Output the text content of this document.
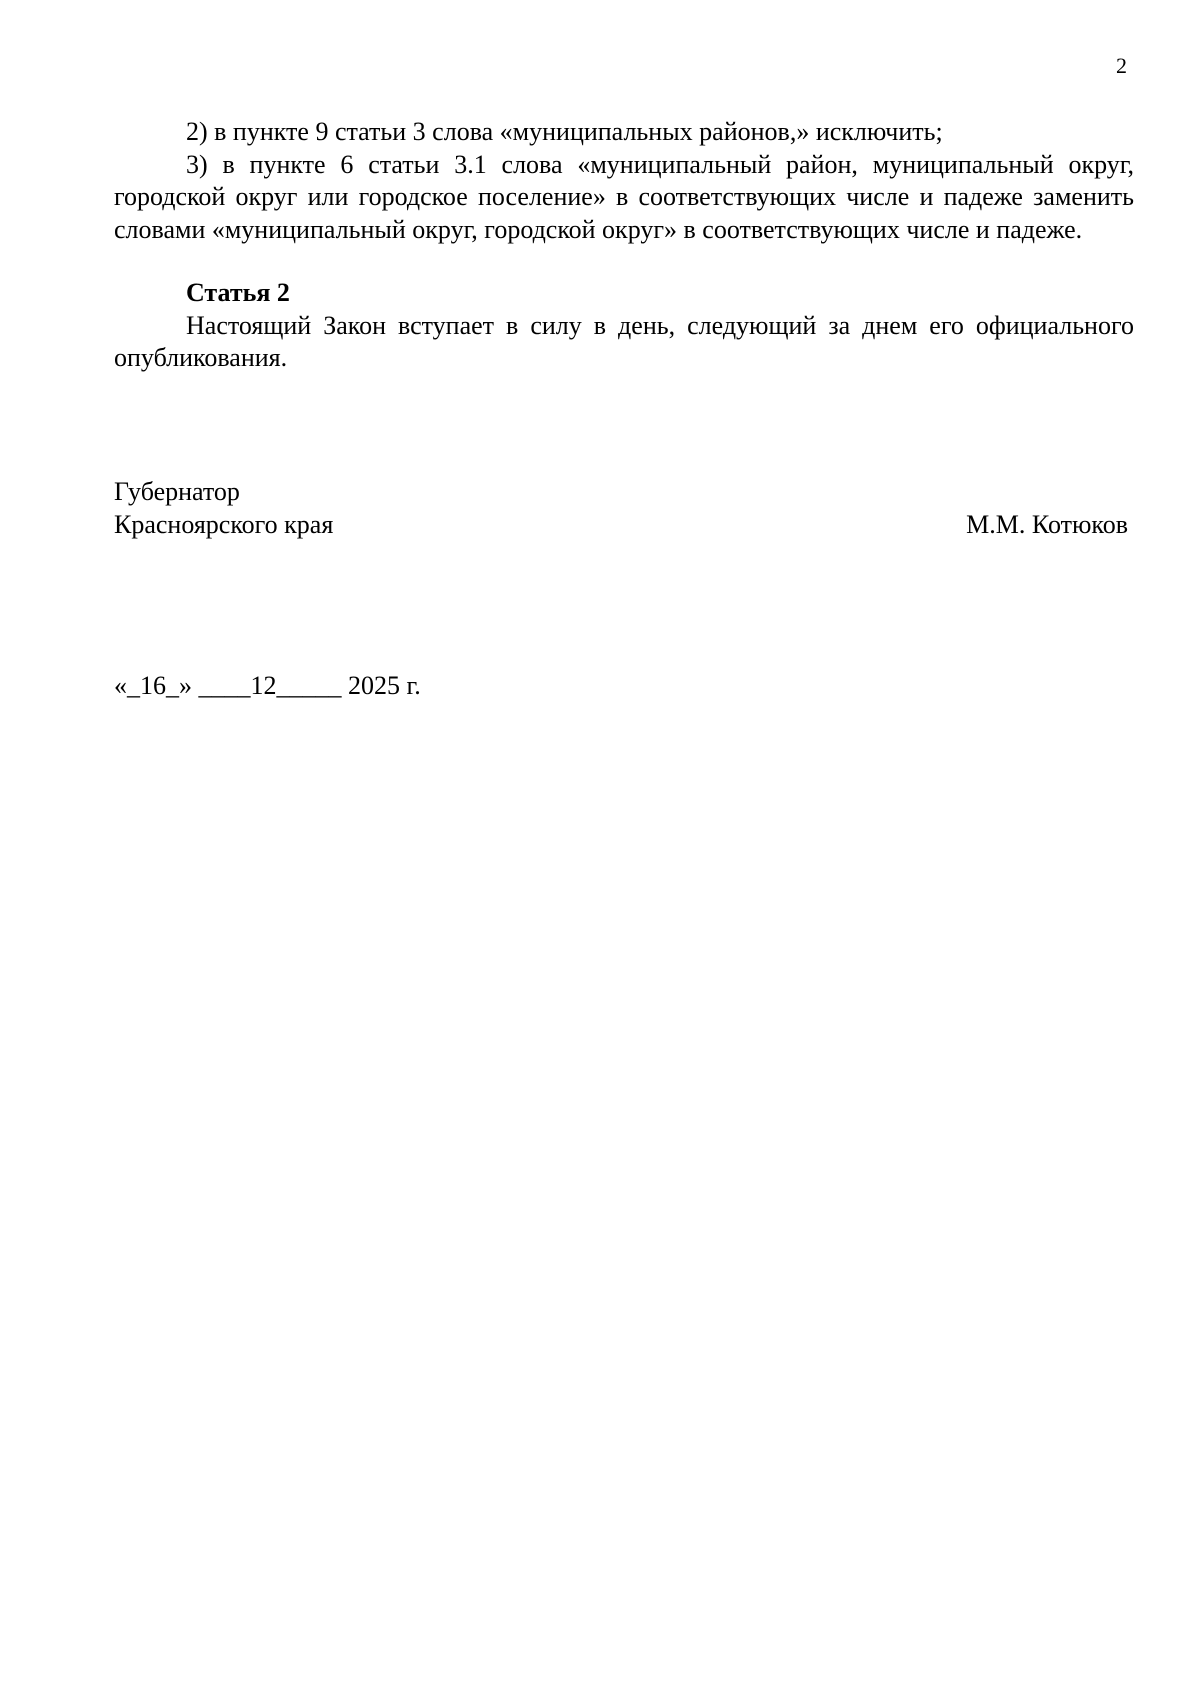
2

2) в пункте 9 статьи 3 слова «муниципальных районов,» исключить;

3) в пункте 6 статьи 3.1 слова «муниципальный район, муниципальный округ, городской округ или городское поселение» в соответствующих числе и падеже заменить словами «муниципальный округ, городской округ» в соответствующих числе и падеже.

Статья 2

Настоящий Закон вступает в силу в день, следующий за днем его официального опубликования.

Губернатор

Красноярского края	М.М. Котюков
«_16_» ____12_____ 2025 г.
